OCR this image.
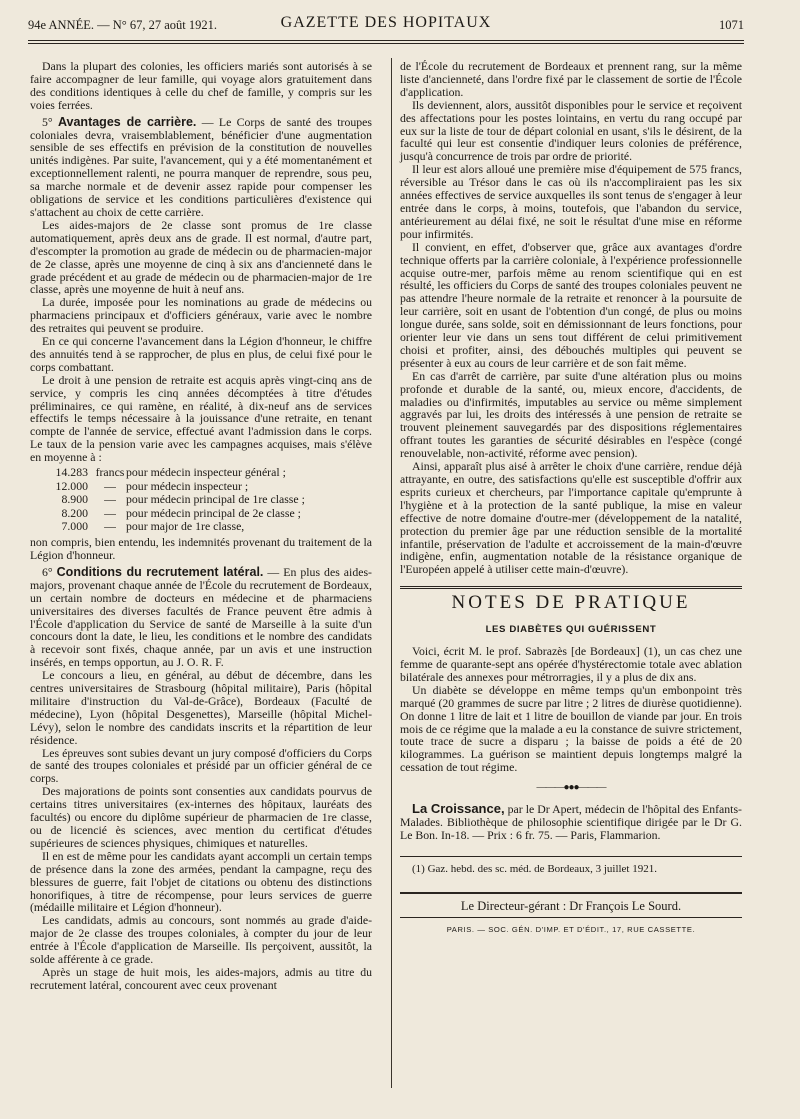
94e ANNÉE. — N° 67, 27 août 1921.	GAZETTE DES HOPITAUX	1071

Dans la plupart des colonies, les officiers mariés sont autorisés à se faire accompagner de leur famille, qui voyage alors gratuitement dans des conditions identiques à celle du chef de famille, y compris sur les voies ferrées.

5° Avantages de carrière. — Le Corps de santé des troupes coloniales devra, vraisemblablement, bénéficier d'une augmentation sensible de ses effectifs en prévision de la constitution de nouvelles unités indigènes. Par suite, l'avancement, qui y a été momentanément et exceptionnellement ralenti, ne pourra manquer de reprendre, sous peu, sa marche normale et de devenir assez rapide pour compenser les obligations de service et les conditions particulières d'existence qui s'attachent au choix de cette carrière.

Les aides-majors de 2e classe sont promus de 1re classe automatiquement, après deux ans de grade. Il est normal, d'autre part, d'escompter la promotion au grade de médecin ou de pharmacien-major de 2e classe, après une moyenne de cinq à six ans d'ancienneté dans le grade précédent et au grade de médecin ou de pharmacien-major de 1re classe, après une moyenne de huit à neuf ans.

La durée, imposée pour les nominations au grade de médecins ou pharmaciens principaux et d'officiers généraux, varie avec le nombre des retraites qui peuvent se produire.

En ce qui concerne l'avancement dans la Légion d'honneur, le chiffre des annuités tend à se rapprocher, de plus en plus, de celui fixé pour le corps combattant.

Le droit à une pension de retraite est acquis après vingt-cinq ans de service, y compris les cinq années décomptées à titre d'études préliminaires, ce qui ramène, en réalité, à dix-neuf ans de services effectifs le temps nécessaire à la jouissance d'une retraite, en tenant compte de l'année de service, effectué avant l'admission dans le corps. Le taux de la pension varie avec les campagnes acquises, mais s'élève en moyenne à :

14.283 francs pour médecin inspecteur général ;
12.000	— pour médecin inspecteur ;
8.900	— pour médecin principal de 1re classe ;
8.200	— pour médecin principal de 2e classe ;
7.000	— pour major de 1re classe,

non compris, bien entendu, les indemnités provenant du traitement de la Légion d'honneur.

6° Conditions du recrutement latéral. — En plus des aides-majors, provenant chaque année de l'École du recrutement de Bordeaux, un certain nombre de docteurs en médecine et de pharmaciens universitaires des diverses facultés de France peuvent être admis à l'École d'application du Service de santé de Marseille à la suite d'un concours dont la date, le lieu, les conditions et le nombre des candidats à recevoir sont fixés, chaque année, par un avis et une instruction insérés, en temps opportun, au J. O. R. F.

Le concours a lieu, en général, au début de décembre, dans les centres universitaires de Strasbourg (hôpital militaire), Paris (hôpital militaire d'instruction du Val-de-Grâce), Bordeaux (Faculté de médecine), Lyon (hôpital Desgenettes), Marseille (hôpital Michel-Lévy), selon le nombre des candidats inscrits et la répartition de leur résidence.

Les épreuves sont subies devant un jury composé d'officiers du Corps de santé des troupes coloniales et présidé par un officier général de ce corps.

Des majorations de points sont consenties aux candidats pourvus de certains titres universitaires (ex-internes des hôpitaux, lauréats des facultés) ou encore du diplôme supérieur de pharmacien de 1re classe, ou de licencié ès sciences, avec mention du certificat d'études supérieures de sciences physiques, chimiques et naturelles.

Il en est de même pour les candidats ayant accompli un certain temps de présence dans la zone des armées, pendant la campagne, reçu des blessures de guerre, fait l'objet de citations ou obtenu des distinctions honorifiques, à titre de récompense, pour leurs services de guerre (médaille militaire et Légion d'honneur).

Les candidats, admis au concours, sont nommés au grade d'aide-major de 2e classe des troupes coloniales, à compter du jour de leur entrée à l'École d'application de Marseille. Ils perçoivent, aussitôt, la solde afférente à ce grade.

Après un stage de huit mois, les aides-majors, admis au titre du recrutement latéral, concourent avec ceux provenant

de l'École du recrutement de Bordeaux et prennent rang, sur la même liste d'ancienneté, dans l'ordre fixé par le classement de sortie de l'École d'application.

Ils deviennent, alors, aussitôt disponibles pour le service et reçoivent des affectations pour les postes lointains, en vertu du rang occupé par eux sur la liste de tour de départ colonial en usant, s'ils le désirent, de la faculté qui leur est consentie d'indiquer leurs colonies de préférence, jusqu'à concurrence de trois par ordre de priorité.

Il leur est alors alloué une première mise d'équipement de 575 francs, réversible au Trésor dans le cas où ils n'accompliraient pas les six années effectives de service auxquelles ils sont tenus de s'engager à leur entrée dans le corps, à moins, toutefois, que l'abandon du service, antérieurement au délai fixé, ne soit le résultat d'une mise en réforme pour infirmités.

Il convient, en effet, d'observer que, grâce aux avantages d'ordre technique offerts par la carrière coloniale, à l'expérience professionnelle acquise outre-mer, parfois même au renom scientifique qui en est résulté, les officiers du Corps de santé des troupes coloniales peuvent ne pas attendre l'heure normale de la retraite et renoncer à la poursuite de leur carrière, soit en usant de l'obtention d'un congé, de plus ou moins longue durée, sans solde, soit en démissionnant de leurs fonctions, pour orienter leur vie dans un sens tout différent de celui primitivement choisi et profiter, ainsi, des débouchés multiples qui peuvent se présenter à eux au cours de leur carrière et de son fait même.

En cas d'arrêt de carrière, par suite d'une altération plus ou moins profonde et durable de la santé, ou, mieux encore, d'accidents, de maladies ou d'infirmités, imputables au service ou même simplement aggravés par lui, les droits des intéressés à une pension de retraite se trouvent pleinement sauvegardés par des dispositions réglementaires offrant toutes les garanties de sécurité désirables en l'espèce (congé renouvelable, non-activité, réforme avec pension).

Ainsi, apparaît plus aisé à arrêter le choix d'une carrière, rendue déjà attrayante, en outre, des satisfactions qu'elle est susceptible d'offrir aux esprits curieux et chercheurs, par l'importance capitale qu'emprunte à l'hygiène et à la protection de la santé publique, la mise en valeur effective de notre domaine d'outre-mer (développement de la natalité, protection du premier âge par une réduction sensible de la mortalité infantile, préservation de l'adulte et accroissement de la main-d'œuvre indigène, enfin, augmentation notable de la résistance organique de l'Européen appelé à utiliser cette main-d'œuvre).

NOTES DE PRATIQUE
LES DIABÈTES QUI GUÉRISSENT

Voici, écrit M. le prof. Sabrazès [de Bordeaux] (1), un cas chez une femme de quarante-sept ans opérée d'hystérectomie totale avec ablation bilatérale des annexes pour métrorragies, il y a plus de dix ans.

Un diabète se développe en même temps qu'un embonpoint très marqué (20 grammes de sucre par litre ; 2 litres de diurèse quotidienne). On donne 1 litre de lait et 1 litre de bouillon de viande par jour. En trois mois de ce régime que la malade a eu la constance de suivre strictement, toute trace de sucre a disparu ; la baisse de poids a été de 20 kilogrammes. La guérison se maintient depuis longtemps malgré la cessation de tout régime.

———●●●———

La Croissance, par le Dr Apert, médecin de l'hôpital des Enfants-Malades. Bibliothèque de philosophie scientifique dirigée par le Dr G. Le Bon. In-18. — Prix : 6 fr. 75. — Paris, Flammarion.

(1) Gaz. hebd. des sc. méd. de Bordeaux, 3 juillet 1921.

Le Directeur-gérant : Dr François Le Sourd.
PARIS. — SOC. GÉN. D'IMP. ET D'ÉDIT., 17, RUE CASSETTE.
